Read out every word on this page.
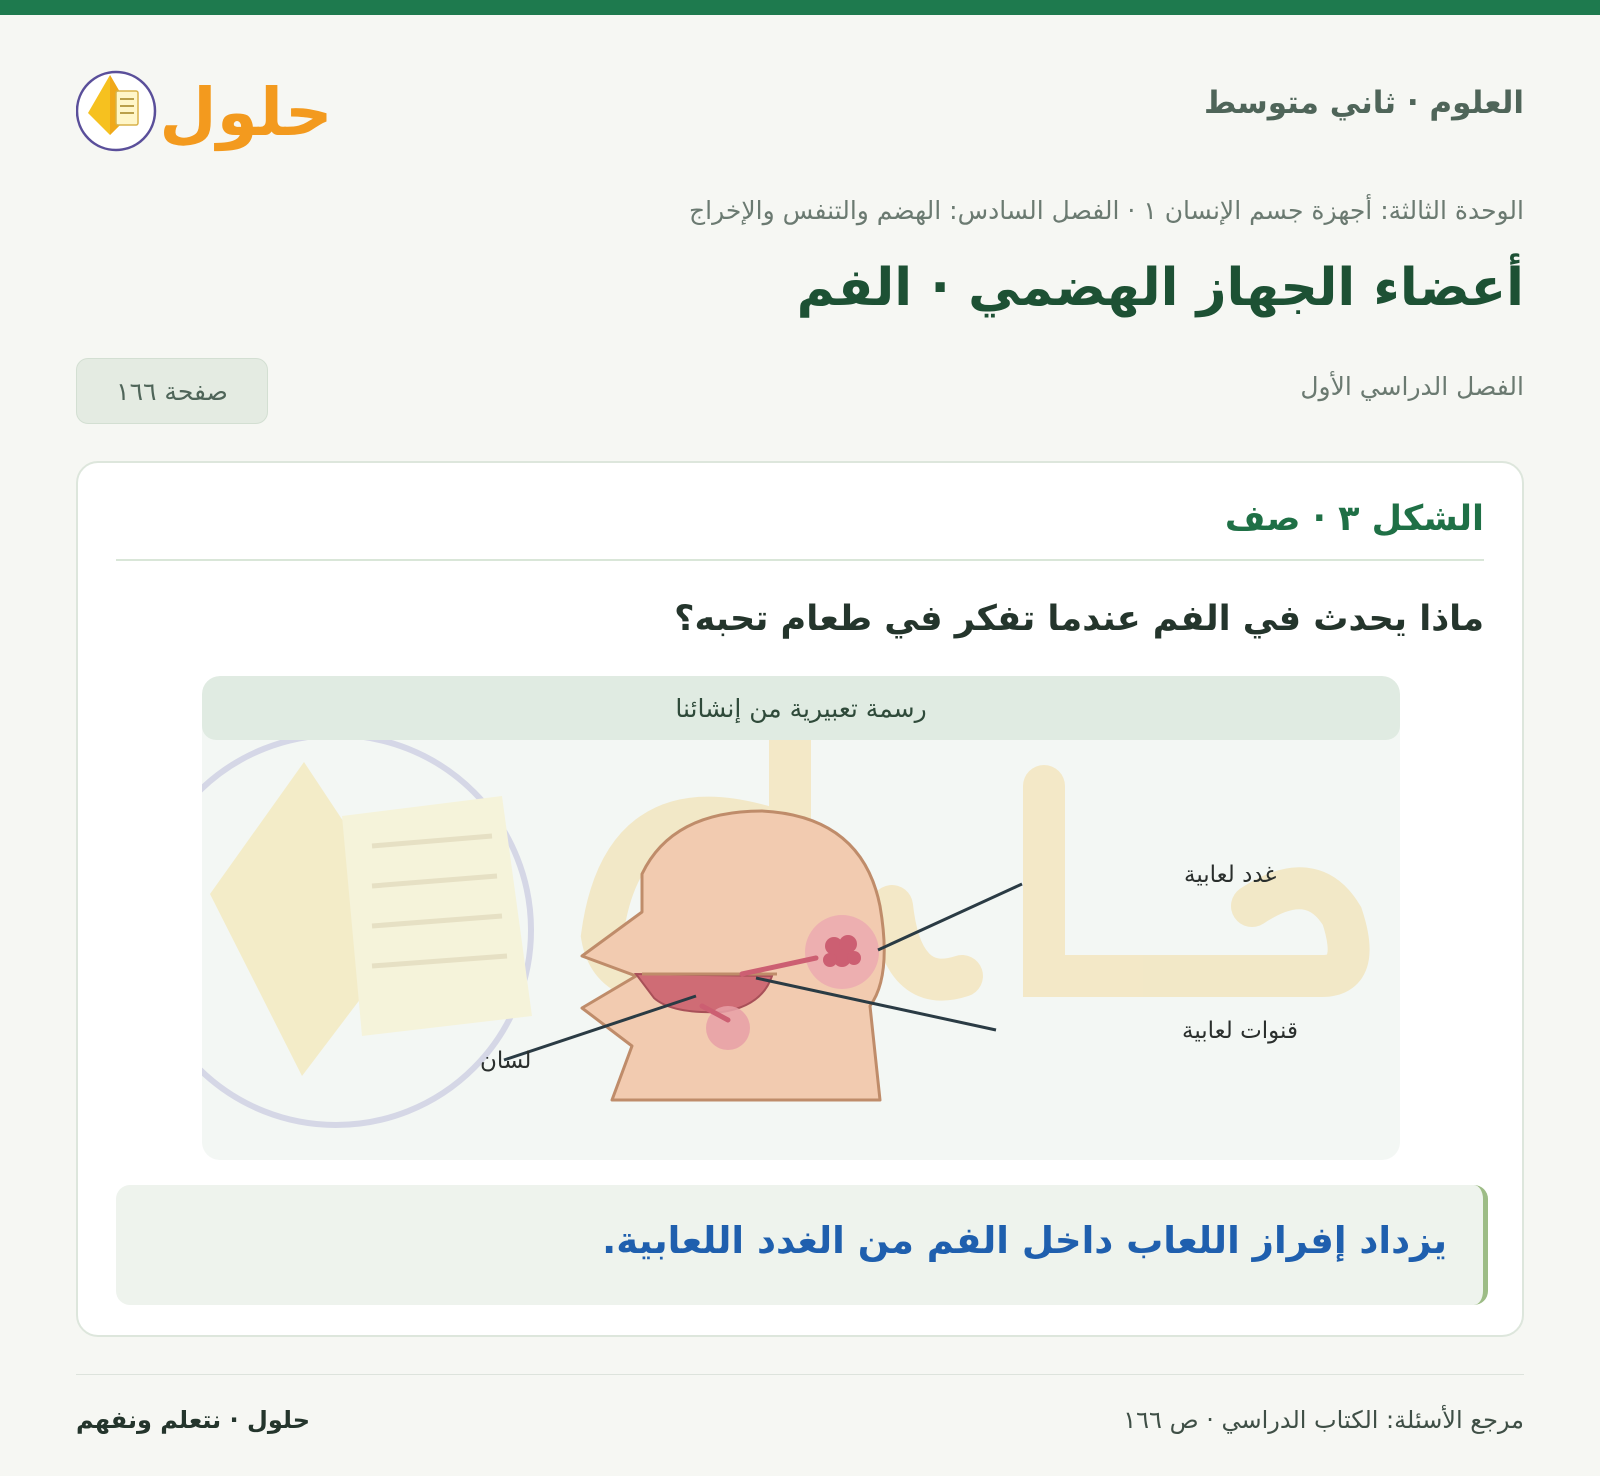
العلوم · ثاني متوسط
حلول
الوحدة الثالثة: أجهزة جسم الإنسان ١ · الفصل السادس: الهضم والتنفس والإخراج
أعضاء الجهاز الهضمي · الفم
الفصل الدراسي الأول
صفحة ١٦٦
الشكل ٣ · صف
ماذا يحدث في الفم عندما تفكر في طعام تحبه؟
غدد لعابية
قنوات لعابية
لسان
رسمة تعبيرية من إنشائنا
يزداد إفراز اللعاب داخل الفم من الغدد اللعابية.
مرجع الأسئلة: الكتاب الدراسي · ص ١٦٦
حلول · نتعلم ونفهم
